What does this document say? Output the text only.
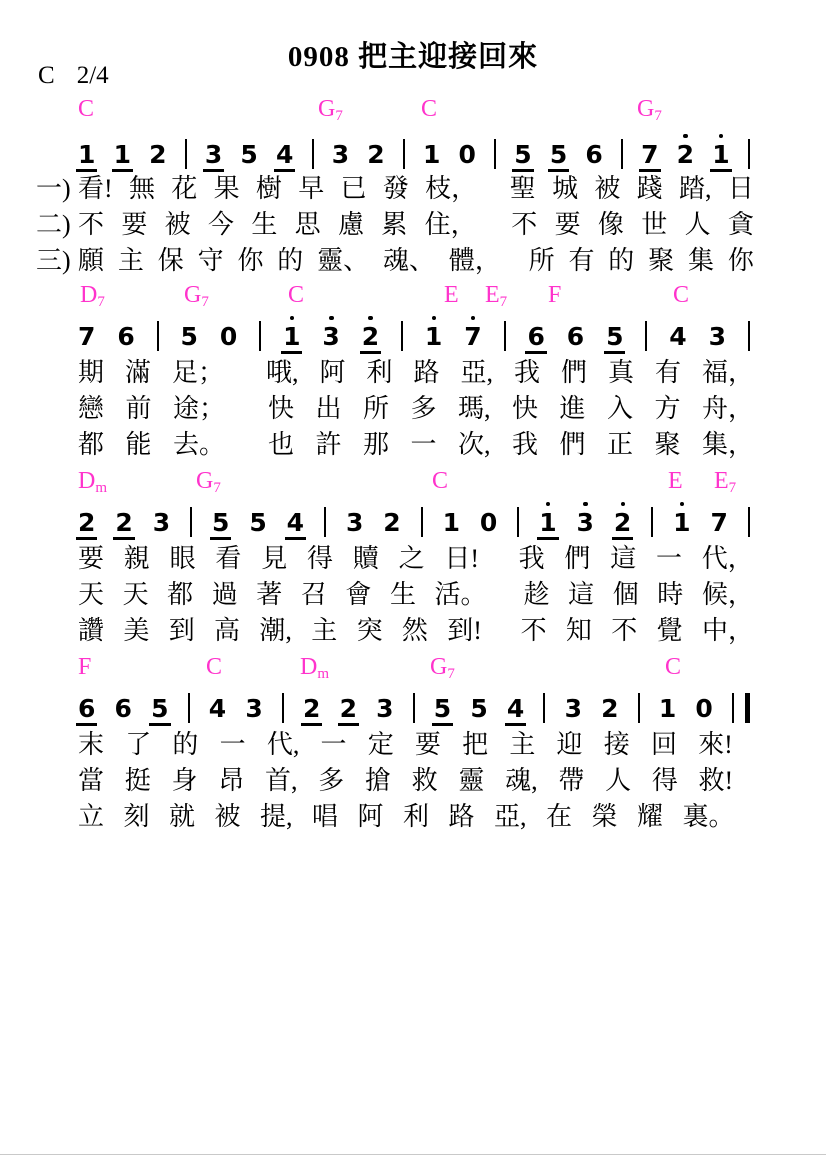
0908 把主迎接回來
C 2/4
C	$G_7$	C	$G_7$
1 1 2 3 5 4 3 2 1 0 5 5 6 7 2 1
一) 看! 無 花 果 樹 早 已 發 枝， 聖 城 被 踐 踏, 日
二) 不 要 被 今 生 思 慮 累 住， 不 要 像 世 人 貪
三) 願 主 保 守 你 的 靈、 魂、 體， 所 有 的 聚 集 你
$D_7$	$G_7$	C	E $E_7$ F	C
7 6 5 0 1 3 2 1 7 6 6 5 4 3
期 滿 足； 哦, 阿 利 路 亞, 我 們 真 有 福，
戀 前 途； 快 出 所 多 瑪, 快 進 入 方 舟，
都 能 去。 也 許 那 一 次, 我 們 正 聚 集，
$D_m$	$G_7$	C	E $E_7$
2 2 3 5 5 4 3 2 1 0 1 3 2 1 7
要 親 眼 看 見 得 贖 之 日! 我 們 這 一 代，
天 天 都 過 著 召 會 生 活。 趁 這 個 時 候，
讚 美 到 高 潮, 主 突 然 到! 不 知 不 覺 中，
F	C	$D_m$	$G_7$	C
6 6 5 4 3 2 2 3 5 5 4 3 2 1 0
末 了 的 一 代, 一 定 要 把 主 迎 接 回 來!
當 挺 身 昂 首, 多 搶 救 靈 魂, 帶 人 得 救!
立 刻 就 被 提, 唱 阿 利 路 亞, 在 榮 耀 裏。
